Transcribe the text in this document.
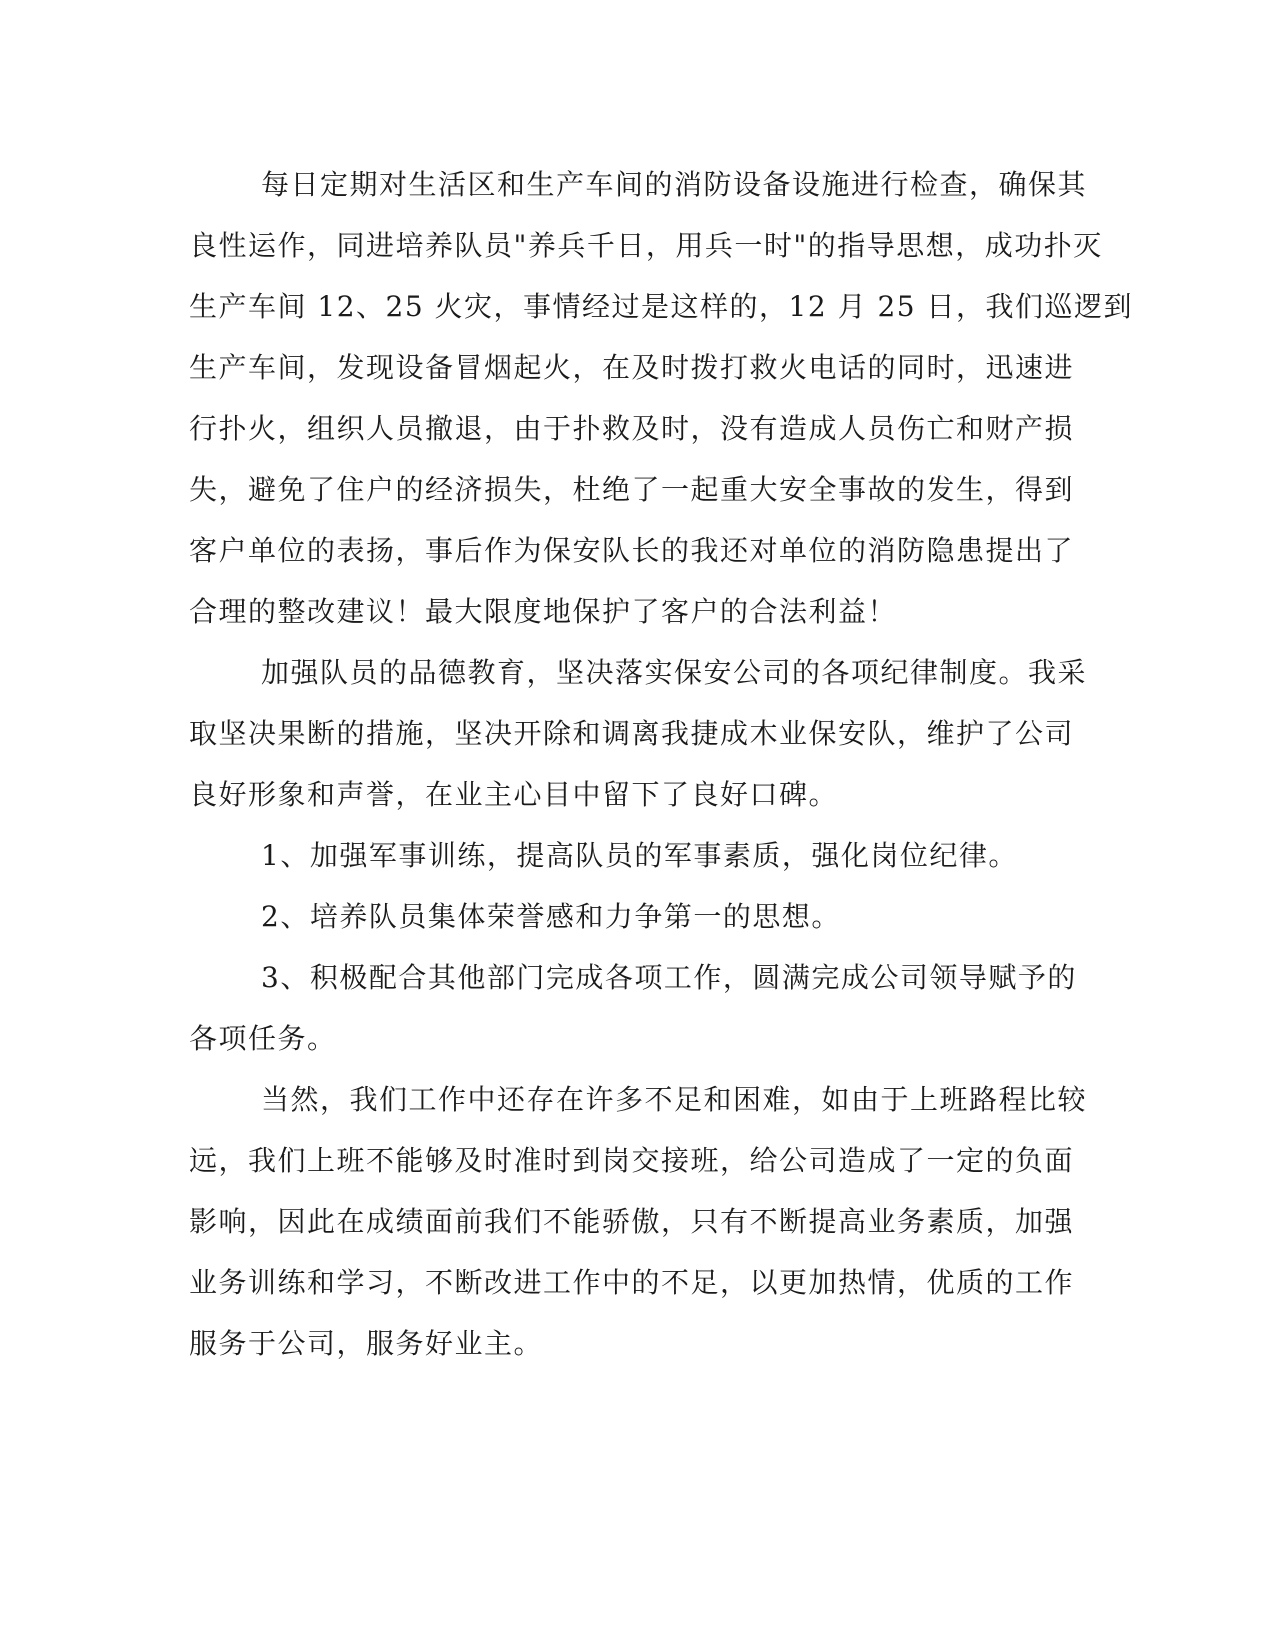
每日定期对生活区和生产车间的消防设备设施进行检查，确保其
良性运作，同进培养队员"养兵千日，用兵一时"的指导思想，成功扑灭
生产车间 12、25 火灾，事情经过是这样的，12 月 25 日，我们巡逻到
生产车间，发现设备冒烟起火，在及时拨打救火电话的同时，迅速进
行扑火，组织人员撤退，由于扑救及时，没有造成人员伤亡和财产损
失，避免了住户的经济损失，杜绝了一起重大安全事故的发生，得到
客户单位的表扬，事后作为保安队长的我还对单位的消防隐患提出了
合理的整改建议！最大限度地保护了客户的合法利益！

加强队员的品德教育，坚决落实保安公司的各项纪律制度。我采
取坚决果断的措施，坚决开除和调离我捷成木业保安队，维护了公司
良好形象和声誉，在业主心目中留下了良好口碑。

1、加强军事训练，提高队员的军事素质，强化岗位纪律。

2、培养队员集体荣誉感和力争第一的思想。

3、积极配合其他部门完成各项工作，圆满完成公司领导赋予的
各项任务。

当然，我们工作中还存在许多不足和困难，如由于上班路程比较
远，我们上班不能够及时准时到岗交接班，给公司造成了一定的负面
影响，因此在成绩面前我们不能骄傲，只有不断提高业务素质，加强
业务训练和学习，不断改进工作中的不足，以更加热情，优质的工作
服务于公司，服务好业主。
